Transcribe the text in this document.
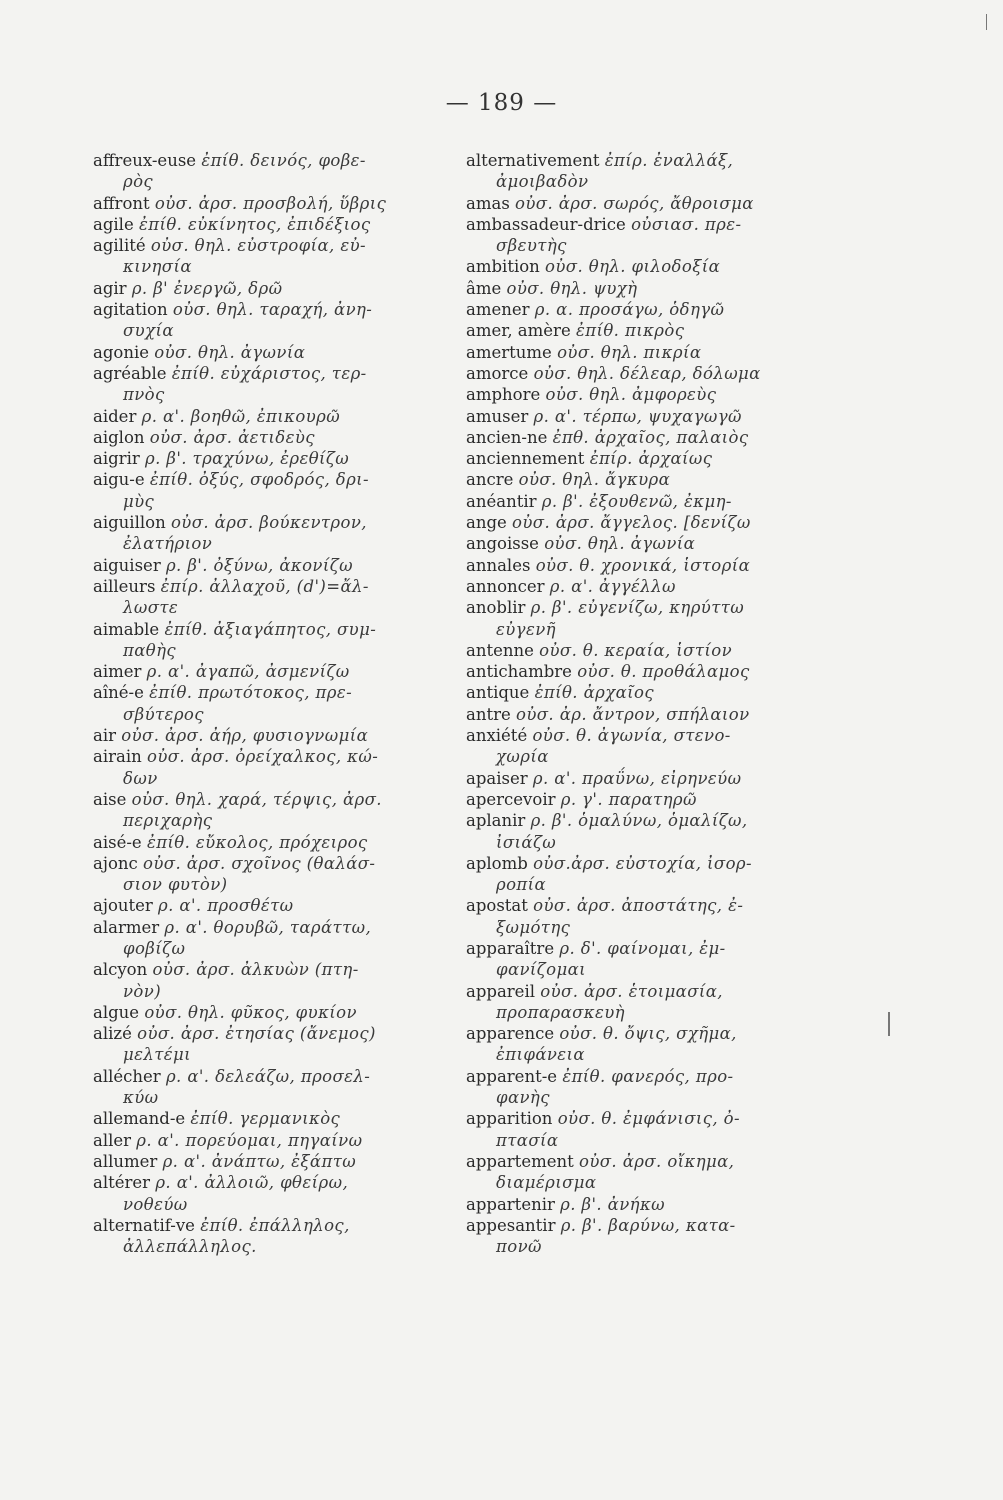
— 189 —
affreux-euse ἐπίθ. δεινός, φοβε-
ρὸς
affront οὐσ. ἀρσ. προσβολή, ὕβρις
agile ἐπίθ. εὐκίνητος, ἐπιδέξιος
agilité οὐσ. θηλ. εὐστροφία, εὐ-
κινησία
agir ρ. β' ἐνεργῶ, δρῶ
agitation οὐσ. θηλ. ταραχή, ἀνη-
συχία
agonie οὐσ. θηλ. ἀγωνία
agréable ἐπίθ. εὐχάριστος, τερ-
πνὸς
aider ρ. α'. βοηθῶ, ἐπικουρῶ
aiglon οὐσ. ἀρσ. ἀετιδεὺς
aigrir ρ. β'. τραχύνω, ἐρεθίζω
aigu-e ἐπίθ. ὀξύς, σφοδρός, δρι-
μὺς
aiguillon οὐσ. ἀρσ. βούκεντρον,
ἐλατήριον
aiguiser ρ. β'. ὀξύνω, ἀκονίζω
ailleurs ἐπίρ. ἀλλαχοῦ, (d')=ἄλ-
λωστε
aimable ἐπίθ. ἀξιαγάπητος, συμ-
παθὴς
aimer ρ. α'. ἀγαπῶ, ἀσμενίζω
aîné-e ἐπίθ. πρωτότοκος, πρε-
σβύτερος
air οὐσ. ἀρσ. ἀήρ, φυσιογνωμία
airain οὐσ. ἀρσ. ὀρείχαλκος, κώ-
δων
aise οὐσ. θηλ. χαρά, τέρψις, ἀρσ.
περιχαρὴς
aisé-e ἐπίθ. εὔκολος, πρόχειρος
ajonc οὐσ. ἀρσ. σχοῖνος (θαλάσ-
σιον φυτὸν)
ajouter ρ. α'. προσθέτω
alarmer ρ. α'. θορυβῶ, ταράττω,
φοβίζω
alcyon οὐσ. ἀρσ. ἀλκυὼν (πτη-
νὸν)
algue οὐσ. θηλ. φῦκος, φυκίον
alizé οὐσ. ἀρσ. ἐτησίας (ἄνεμος)
μελτέμι
allécher ρ. α'. δελεάζω, προσελ-
κύω
allemand-e ἐπίθ. γερμανικὸς
aller ρ. α'. πορεύομαι, πηγαίνω
allumer ρ. α'. ἀνάπτω, ἐξάπτω
altérer ρ. α'. ἀλλοιῶ, φθείρω,
νοθεύω
alternatif-ve ἐπίθ. ἐπάλληλος,
ἀλλεπάλληλος.
alternativement ἐπίρ. ἐναλλάξ,
ἀμοιβαδὸν
amas οὐσ. ἀρσ. σωρός, ἄθροισμα
ambassadeur-drice οὐσιασ. πρε-
σβευτὴς
ambition οὐσ. θηλ. φιλοδοξία
âme οὐσ. θηλ. ψυχὴ
amener ρ. α. προσάγω, ὁδηγῶ
amer, amère ἐπίθ. πικρὸς
amertume οὐσ. θηλ. πικρία
amorce οὐσ. θηλ. δέλεαρ, δόλωμα
amphore οὐσ. θηλ. ἀμφορεὺς
amuser ρ. α'. τέρπω, ψυχαγωγῶ
ancien-ne ἐπθ. ἀρχαῖος, παλαιὸς
anciennement ἐπίρ. ἀρχαίως
ancre οὐσ. θηλ. ἄγκυρα
anéantir ρ. β'. ἐξουθενῶ, ἐκμη-
ange οὐσ. ἀρσ. ἄγγελος. [δενίζω
angoisse οὐσ. θηλ. ἀγωνία
annales οὐσ. θ. χρονικά, ἱστορία
annoncer ρ. α'. ἀγγέλλω
anoblir ρ. β'. εὐγενίζω, κηρύττω
εὐγενῆ
antenne οὐσ. θ. κεραία, ἱστίον
antichambre οὐσ. θ. προθάλαμος
antique ἐπίθ. ἀρχαῖος
antre οὐσ. ἀρ. ἄντρον, σπήλαιον
anxiété οὐσ. θ. ἀγωνία, στενο-
χωρία
apaiser ρ. α'. πραΰνω, εἰρηνεύω
apercevoir ρ. γ'. παρατηρῶ
aplanir ρ. β'. ὁμαλύνω, ὁμαλίζω,
ἰσιάζω
aplomb οὐσ.ἀρσ. εὐστοχία, ἰσορ-
ροπία
apostat οὐσ. ἀρσ. ἀποστάτης, ἐ-
ξωμότης
apparaître ρ. δ'. φαίνομαι, ἐμ-
φανίζομαι
appareil οὐσ. ἀρσ. ἑτοιμασία,
προπαρασκευὴ
apparence οὐσ. θ. ὄψις, σχῆμα,
ἐπιφάνεια
apparent-e ἐπίθ. φανερός, προ-
φανὴς
apparition οὐσ. θ. ἐμφάνισις, ὀ-
πτασία
appartement οὐσ. ἀρσ. οἴκημα,
διαμέρισμα
appartenir ρ. β'. ἀνήκω
appesantir ρ. β'. βαρύνω, κατα-
πονῶ
